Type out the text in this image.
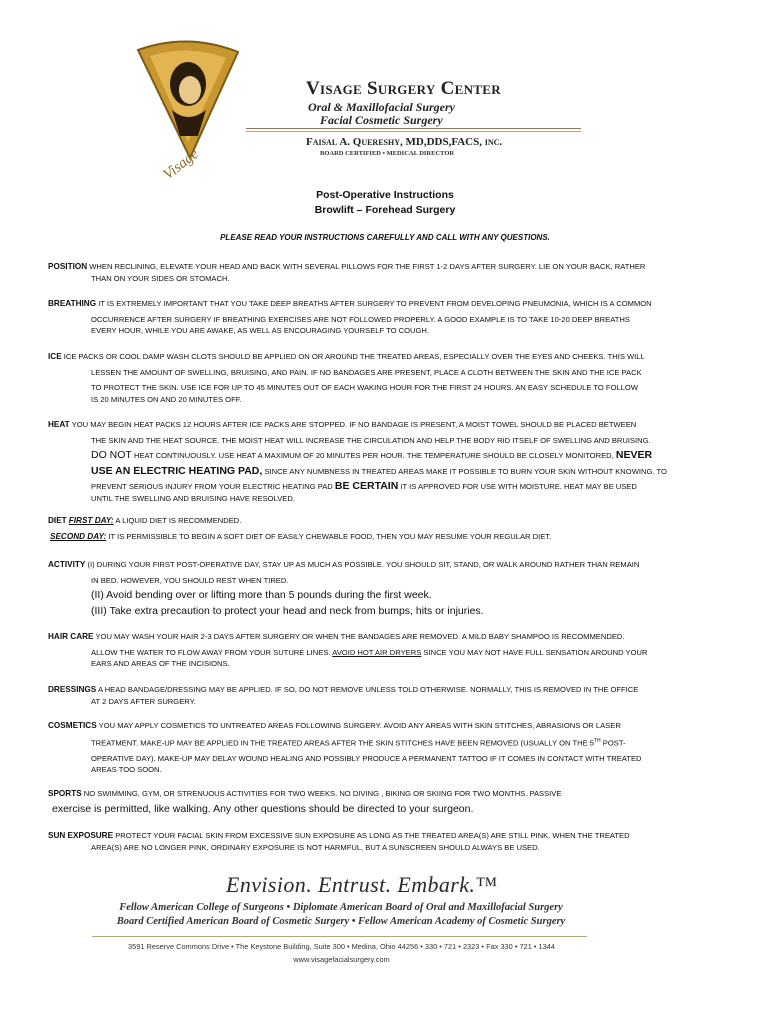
Visage
Visage Surgery Center
Oral & Maxillofacial Surgery
Facial Cosmetic Surgery
Faisal A. Quereshy, MD,DDS,FACS, inc.
BOARD CERTIFIED • MEDICAL DIRECTOR
Post-Operative Instructions
Browlift – Forehead Surgery
PLEASE READ YOUR INSTRUCTIONS CAREFULLY AND CALL WITH ANY QUESTIONS.
POSITION WHEN RECLINING, ELEVATE YOUR HEAD AND BACK WITH SEVERAL PILLOWS FOR THE FIRST 1-2 DAYS AFTER SURGERY. LIE ON YOUR BACK, RATHER
THAN ON YOUR SIDES OR STOMACH.
BREATHING IT IS EXTREMELY IMPORTANT THAT YOU TAKE DEEP BREATHS AFTER SURGERY TO PREVENT FROM DEVELOPING PNEUMONIA, WHICH IS A COMMON
OCCURRENCE AFTER SURGERY IF BREATHING EXERCISES ARE NOT FOLLOWED PROPERLY. A GOOD EXAMPLE IS TO TAKE 10-20 DEEP BREATHS
EVERY HOUR, WHILE YOU ARE AWAKE, AS WELL AS ENCOURAGING YOURSELF TO COUGH.
ICE ICE PACKS OR COOL DAMP WASH CLOTS SHOULD BE APPLIED ON OR AROUND THE TREATED AREAS, ESPECIALLY OVER THE EYES AND CHEEKS. THIS WILL
LESSEN THE AMOUNT OF SWELLING, BRUISING, AND PAIN. IF NO BANDAGES ARE PRESENT, PLACE A CLOTH BETWEEN THE SKIN AND THE ICE PACK
TO PROTECT THE SKIN. USE ICE FOR UP TO 45 MINUTES OUT OF EACH WAKING HOUR FOR THE FIRST 24 HOURS. AN EASY SCHEDULE TO FOLLOW
IS 20 MINUTES ON AND 20 MINUTES OFF.
HEAT YOU MAY BEGIN HEAT PACKS 12 HOURS AFTER ICE PACKS ARE STOPPED. IF NO BANDAGE IS PRESENT, A MOIST TOWEL SHOULD BE PLACED BETWEEN
THE SKIN AND THE HEAT SOURCE. THE MOIST HEAT WILL INCREASE THE CIRCULATION AND HELP THE BODY RID ITSELF OF SWELLING AND BRUISING.
DO NOT HEAT CONTINUOUSLY. USE HEAT A MAXIMUM OF 20 MINUTES PER HOUR. THE TEMPERATURE SHOULD BE CLOSELY MONITORED, NEVER
USE AN ELECTRIC HEATING PAD, SINCE ANY NUMBNESS IN TREATED AREAS MAKE IT POSSIBLE TO BURN YOUR SKIN WITHOUT KNOWING. TO
PREVENT SERIOUS INJURY FROM YOUR ELECTRIC HEATING PAD BE CERTAIN IT IS APPROVED FOR USE WITH MOISTURE. HEAT MAY BE USED
UNTIL THE SWELLING AND BRUISING HAVE RESOLVED.
DIET FIRST DAY: A LIQUID DIET IS RECOMMENDED.
SECOND DAY: IT IS PERMISSIBLE TO BEGIN A SOFT DIET OF EASILY CHEWABLE FOOD, THEN YOU MAY RESUME YOUR REGULAR DIET.
ACTIVITY (I) DURING YOUR FIRST POST-OPERATIVE DAY, STAY UP AS MUCH AS POSSIBLE. YOU SHOULD SIT, STAND, OR WALK AROUND RATHER THAN REMAIN
IN BED. HOWEVER, YOU SHOULD REST WHEN TIRED.
(II) Avoid bending over or lifting more than 5 pounds during the first week.
(III) Take extra precaution to protect your head and neck from bumps, hits or injuries.
HAIR CARE YOU MAY WASH YOUR HAIR 2-3 DAYS AFTER SURGERY OR WHEN THE BANDAGES ARE REMOVED. A MILD BABY SHAMPOO IS RECOMMENDED.
ALLOW THE WATER TO FLOW AWAY FROM YOUR SUTURE LINES. AVOID HOT AIR DRYERS SINCE YOU MAY NOT HAVE FULL SENSATION AROUND YOUR
EARS AND AREAS OF THE INCISIONS.
DRESSINGS A HEAD BANDAGE/DRESSING MAY BE APPLIED. IF SO, DO NOT REMOVE UNLESS TOLD OTHERWISE. NORMALLY, THIS IS REMOVED IN THE OFFICE
AT 2 DAYS AFTER SURGERY.
COSMETICS YOU MAY APPLY COSMETICS TO UNTREATED AREAS FOLLOWING SURGERY. AVOID ANY AREAS WITH SKIN STITCHES, ABRASIONS OR LASER
TREATMENT. MAKE-UP MAY BE APPLIED IN THE TREATED AREAS AFTER THE SKIN STITCHES HAVE BEEN REMOVED (USUALLY ON THE 5TH POST-
OPERATIVE DAY). MAKE-UP MAY DELAY WOUND HEALING AND POSSIBLY PRODUCE A PERMANENT TATTOO IF IT COMES IN CONTACT WITH TREATED
AREAS TOO SOON.
SPORTS NO SWIMMING, GYM, OR STRENUOUS ACTIVITIES FOR TWO WEEKS. NO DIVING , BIKING OR SKIING FOR TWO MONTHS. PASSIVE
exercise is permitted, like walking. Any other questions should be directed to your surgeon.
SUN EXPOSURE PROTECT YOUR FACIAL SKIN FROM EXCESSIVE SUN EXPOSURE AS LONG AS THE TREATED AREA(S) ARE STILL PINK. WHEN THE TREATED
AREA(S) ARE NO LONGER PINK, ORDINARY EXPOSURE IS NOT HARMFUL, BUT A SUNSCREEN SHOULD ALWAYS BE USED.
Envision. Entrust. Embark.™
Fellow American College of Surgeons • Diplomate American Board of Oral and Maxillofacial Surgery
Board Certified American Board of Cosmetic Surgery • Fellow American Academy of Cosmetic Surgery
3591 Reserve Commons Drive • The Keystone Building, Suite 300 • Medina, Ohio 44256 • 330 • 721 • 2323 • Fax 330 • 721 • 1344
www.visagefacialsurgery.com
